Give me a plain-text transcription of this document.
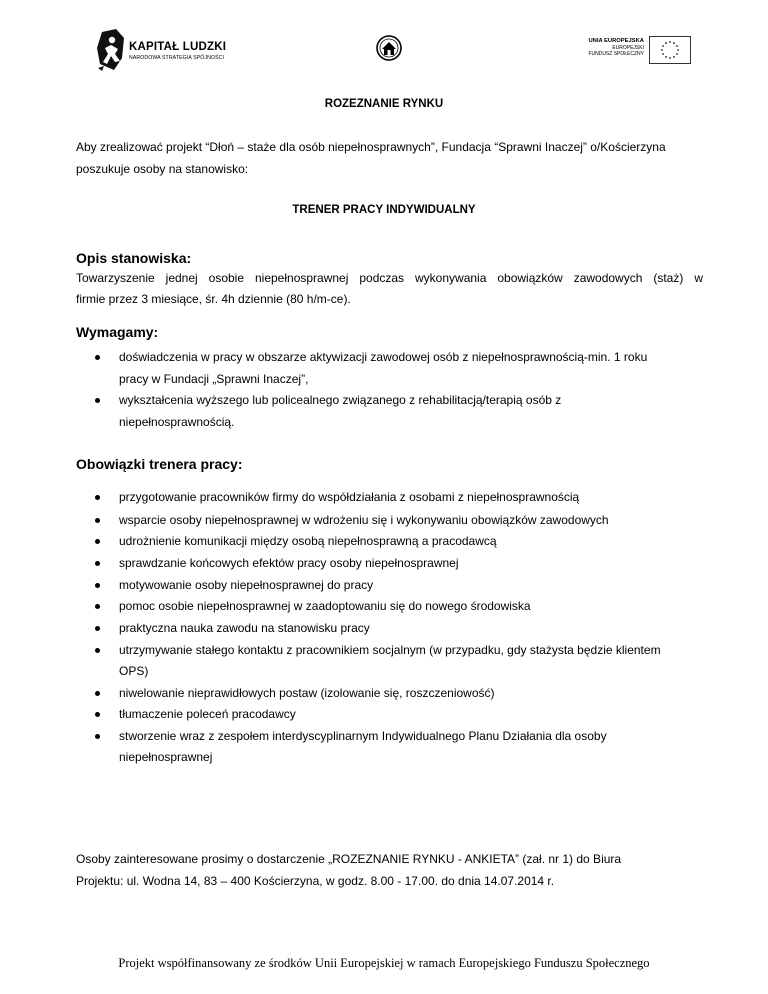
KAPITAŁ LUDZKI
NARODOWA STRATEGIA SPÓJNOŚCI
UNIA EUROPEJSKA
EUROPEJSKI
FUNDUSZ SPOŁECZNY
ROZEZNANIE RYNKU
Aby zrealizować projekt “Dłoń – staże dla osób niepełnosprawnych”, Fundacja “Sprawni Inaczej” o/Kościerzyna
poszukuje osoby na stanowisko:
TRENER PRACY INDYWIDUALNY
Opis stanowiska:
Towarzyszenie jednej osobie niepełnosprawnej podczas wykonywania obowiązków zawodowych (staż) w
firmie przez 3 miesiące, śr. 4h dziennie (80 h/m-ce).
Wymagamy:
doświadczenia w pracy w obszarze aktywizacji zawodowej osób z niepełnosprawnością-min. 1 roku
pracy w Fundacji „Sprawni Inaczej”,
wykształcenia wyższego lub policealnego związanego z rehabilitacją/terapią osób z
niepełnosprawnością.
Obowiązki trenera pracy:
przygotowanie pracowników firmy do współdziałania z osobami z niepełnosprawnością
wsparcie osoby niepełnosprawnej w wdrożeniu się i wykonywaniu obowiązków zawodowych
udrożnienie komunikacji między osobą niepełnosprawną a pracodawcą
sprawdzanie końcowych efektów pracy osoby niepełnosprawnej
motywowanie osoby niepełnosprawnej do pracy
pomoc osobie niepełnosprawnej w zaadoptowaniu się do nowego środowiska
praktyczna nauka zawodu na stanowisku pracy
utrzymywanie stałego kontaktu z pracownikiem socjalnym (w przypadku, gdy stażysta będzie klientem
OPS)
niwelowanie nieprawidłowych postaw (izolowanie się, roszczeniowość)
tłumaczenie poleceń pracodawcy
stworzenie wraz z zespołem interdyscyplinarnym Indywidualnego Planu Działania dla osoby
niepełnosprawnej
Osoby zainteresowane prosimy o dostarczenie „ROZEZNANIE RYNKU - ANKIETA” (zał. nr 1) do Biura
Projektu: ul. Wodna 14, 83 – 400 Kościerzyna, w godz. 8.00 - 17.00. do dnia 14.07.2014 r.
Projekt współfinansowany ze środków Unii Europejskiej w ramach Europejskiego Funduszu Społecznego
